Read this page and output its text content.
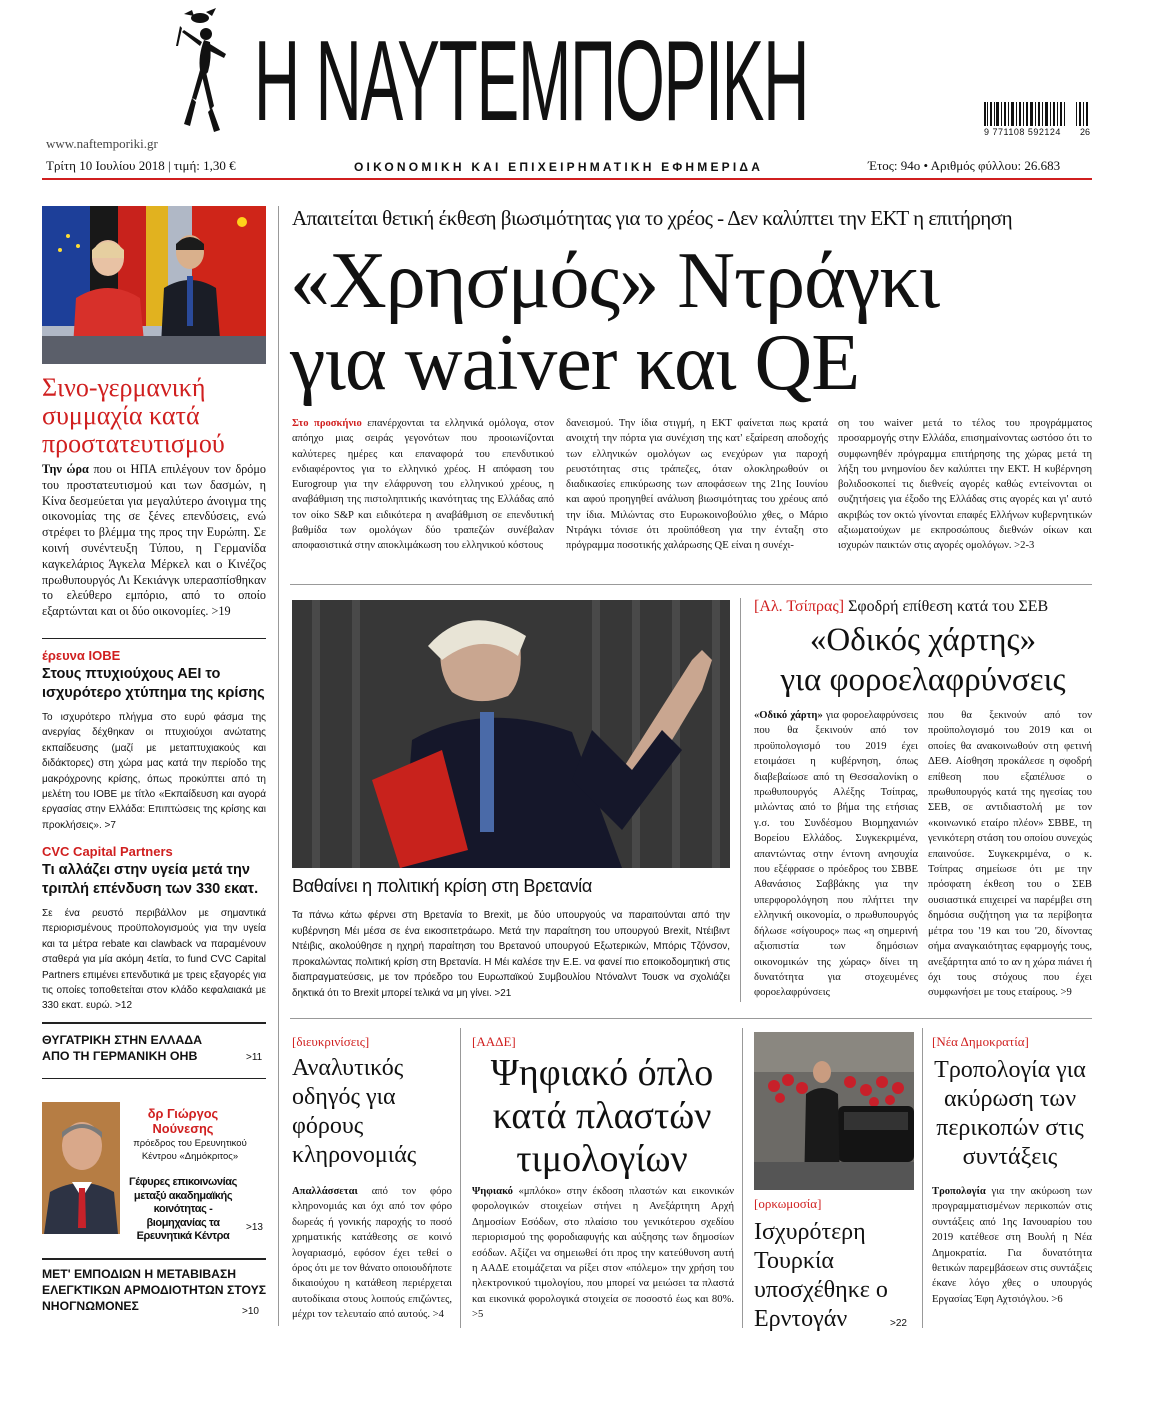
www.naftemporiki.gr Η ΝΑΥΤΕΜΠΟΡΙΚΗ	9 771108 592124 26
Τρίτη 10 Ιουλίου 2018 | τιμή: 1,30 €	ΟΙΚΟΝΟΜΙΚΗ ΚΑΙ ΕΠΙΧΕΙΡΗΜΑΤΙΚΗ ΕΦΗΜΕΡΙΔΑ	Έτος: 94ο • Αριθμός φύλλου: 26.683
Σινο-γερμανική συμμαχία κατά προστατευτισμού
Την ώρα που οι ΗΠΑ επιλέγουν τον δρόμο του προστατευτισμού και των δασμών, η Κίνα δεσμεύεται για μεγαλύτερο άνοιγμα της οικονομίας της σε ξένες επενδύσεις, ενώ στρέφει το βλέμμα της προς την Ευρώπη. Σε κοινή συνέντευξη Τύπου, η Γερμανίδα καγκελάριος Άγκελα Μέρκελ και ο Κινέζος πρωθυπουργός Λι Κεκιάνγκ υπερασπίσθηκαν το ελεύθερο εμπόριο, από το οποίο εξαρτώνται και οι δύο οικονομίες. >19
έρευνα ΙΟΒΕ
Στους πτυχιούχους ΑΕΙ το ισχυρότερο χτύπημα της κρίσης
Το ισχυρότερο πλήγμα στο ευρύ φάσμα της ανεργίας δέχθηκαν οι πτυχιούχοι ανώτατης εκπαίδευσης (μαζί με μεταπτυχιακούς και διδάκτορες) στη χώρα μας κατά την περίοδο της μακρόχρονης κρίσης, όπως προκύπτει από τη μελέτη του ΙΟΒΕ με τίτλο «Εκπαίδευση και αγορά εργασίας στην Ελλάδα: Επιπτώσεις της κρίσης και προκλήσεις». >7
CVC Capital Partners
Τι αλλάζει στην υγεία μετά την τριπλή επένδυση των 330 εκατ.
Σε ένα ρευστό περιβάλλον με σημαντικά περιορισμένους προϋπολογισμούς για την υγεία και τα μέτρα rebate και clawback να παραμένουν σταθερά για μία ακόμη 4ετία, το fund CVC Capital Partners επιμένει επενδυτικά με τρεις εξαγορές για τις οποίες τοποθετείται στον κλάδο κεφαλαιακά με 330 εκατ. ευρώ. >12
ΘΥΓΑΤΡΙΚΗ ΣΤΗΝ ΕΛΛΑΔΑ ΑΠΟ ΤΗ ΓΕΡΜΑΝΙΚΗ ΟΗΒ	>11
δρ Γιώργος Νούνεσης
πρόεδρος του Ερευνητικού Κέντρου «Δημόκριτος»
Γέφυρες επικοινωνίας μεταξύ ακαδημαϊκής κοινότητας - βιομηχανίας τα Ερευνητικά Κέντρα
>13
ΜΕΤ' ΕΜΠΟΔΙΩΝ Η ΜΕΤΑΒΙΒΑΣΗ ΕΛΕΓΚΤΙΚΩΝ ΑΡΜΟΔΙΟΤΗΤΩΝ ΣΤΟΥΣ ΝΗΟΓΝΩΜΟΝΕΣ	>10
Απαιτείται θετική έκθεση βιωσιμότητας για το χρέος - Δεν καλύπτει την ΕΚΤ η επιτήρηση
«Χρησμός» Ντράγκι
για waiver και QE

Στο προσκήνιο επανέρχονται τα ελληνικά ομόλογα, στον απόηχο μιας σειράς γεγονότων που προοιωνίζονται καλύτερες ημέρες και επαναφορά του επενδυτικού ενδιαφέροντος για το ελληνικό χρέος. Η απόφαση του Eurogroup για την ελάφρυνση του ελληνικού χρέους, η αναβάθμιση της πιστοληπτικής ικανότητας της Ελλάδας από τον οίκο S&P και ειδικότερα η αναβάθμιση σε επενδυτική βαθμίδα των ομολόγων δύο τραπεζών συνέβαλαν αποφασιστικά στην αποκλιμάκωση του ελληνικού κόστους

δανεισμού. Την ίδια στιγμή, η ΕΚΤ φαίνεται πως κρατά ανοιχτή την πόρτα για συνέχιση της κατ' εξαίρεση αποδοχής των ελληνικών ομολόγων ως ενεχύρων για παροχή ρευστότητας στις τράπεζες, όταν ολοκληρωθούν οι διαδικασίες επικύρωσης των αποφάσεων της 21ης Ιουνίου και αφού προηγηθεί ανάλυση βιωσιμότητας του χρέους από την ίδια. Μιλώντας στο Ευρωκοινοβούλιο χθες, ο Μάριο Ντράγκι τόνισε ότι προϋπόθεση για την ένταξη στο πρόγραμμα ποσοτικής χαλάρωσης QE είναι η συνέχι-

ση του waiver μετά το τέλος του προγράμματος προσαρμογής στην Ελλάδα, επισημαίνοντας ωστόσο ότι το συμφωνηθέν πρόγραμμα επιτήρησης της χώρας μετά τη λήξη του μνημονίου δεν καλύπτει την ΕΚΤ. Η κυβέρνηση βολιδοσκοπεί τις διεθνείς αγορές καθώς εντείνονται οι συζητήσεις για έξοδο της Ελλάδας στις αγορές και γι' αυτό ακριβώς τον οκτώ γίνονται επαφές Ελλήνων κυβερνητικών αξιωματούχων με εκπροσώπους διεθνών οίκων και ισχυρών παικτών στις αγορές ομολόγων. >2-3

Βαθαίνει η πολιτική κρίση στη Βρετανία
Τα πάνω κάτω φέρνει στη Βρετανία το Brexit, με δύο υπουργούς να παραιτούνται από την κυβέρνηση Μέι μέσα σε ένα εικοσιτετράωρο. Μετά την παραίτηση του υπουργού Brexit, Ντέιβιντ Ντέιβις, ακολούθησε η ηχηρή παραίτηση του Βρετανού υπουργού Εξωτερικών, Μπόρις Τζόνσον, προκαλώντας πολιτική κρίση στη Βρετανία. Η Μέι καλέσε την Ε.Ε. να φανεί πιο εποικοδομητική στις διαπραγματεύσεις, με τον πρόεδρο του Ευρωπαϊκού Συμβουλίου Ντόναλντ Τουσκ να σχολιάζει δηκτικά ότι το Brexit μπορεί τελικά να μη γίνει. >21
[Αλ. Τσίπρας] Σφοδρή επίθεση κατά του ΣΕΒ
«Οδικός χάρτης»
για φοροελαφρύνσεις

«Οδικό χάρτη» για φοροελαφρύνσεις που θα ξεκινούν από τον προϋπολογισμό του 2019 έχει ετοιμάσει η κυβέρνηση, όπως διαβεβαίωσε από τη Θεσσαλονίκη ο πρωθυπουργός Αλέξης Τσίπρας, μιλώντας από το βήμα της ετήσιας γ.σ. του Συνδέσμου Βιομηχανιών Βορείου Ελλάδος. Συγκεκριμένα, απαντώντας στην έντονη ανησυχία που εξέφρασε ο πρόεδρος του ΣΒΒΕ Αθανάσιος Σαββάκης για την υπερφορολόγηση που πλήττει την ελληνική οικονομία, ο πρωθυπουργός δήλωσε «σίγουρος» πως «η σημερινή αξιοπιστία των δημόσιων οικονομικών της χώρας» δίνει τη δυνατότητα για στοχευμένες φοροελαφρύνσεις

που θα ξεκινούν από τον προϋπολογισμό του 2019 και οι οποίες θα ανακοινωθούν στη φετινή ΔΕΘ. Αίσθηση προκάλεσε η σφοδρή επίθεση που εξαπέλυσε ο πρωθυπουργός κατά της ηγεσίας του ΣΕΒ, σε αντιδιαστολή με τον «κοινωνικό εταίρο πλέον» ΣΒΒΕ, τη γενικότερη στάση του οποίου συνεχώς επαινούσε. Συγκεκριμένα, ο κ. Τσίπρας σημείωσε ότι με την πρόσφατη έκθεση του ο ΣΕΒ ουσιαστικά επιχειρεί να παρέμβει στη δημόσια συζήτηση για τα περίβοητα μέτρα του '19 και του '20, δίνοντας σήμα αναγκαιότητας εφαρμογής τους, ανεξάρτητα από το αν η χώρα πιάνει ή όχι τους στόχους που έχει συμφωνήσει με τους εταίρους. >9

[διευκρινίσεις]
Αναλυτικός οδηγός για φόρους κληρονομιάς

Απαλλάσσεται από τον φόρο κληρονομιάς και όχι από τον φόρο δωρεάς ή γονικής παροχής το ποσό χρηματικής κατάθεσης σε κοινό λογαριασμό, εφόσον έχει τεθεί ο όρος ότι με τον θάνατο οποιουδήποτε δικαιούχου η κατάθεση περιέρχεται αυτοδίκαια στους λοιπούς επιζώντες, μέχρι τον τελευταίο από αυτούς. >4

[ΑΑΔΕ]
Ψηφιακό όπλο κατά πλαστών τιμολογίων

Ψηφιακό «μπλόκο» στην έκδοση πλαστών και εικονικών φορολογικών στοιχείων στήνει η Ανεξάρτητη Αρχή Δημοσίων Εσόδων, στο πλαίσιο του γενικότερου σχεδίου περιορισμού της φοροδιαφυγής και αύξησης των δημοσίων εσόδων. Αξίζει να σημειωθεί ότι προς την κατεύθυνση αυτή η ΑΑΔΕ ετοιμάζεται να ρίξει στον «πόλεμο» την χρήση του ηλεκτρονικού τιμολογίου, που μπορεί να μειώσει τα πλαστά και εικονικά φορολογικά στοιχεία σε ποσοστό έως και 80%. >5

[ορκωμοσία]
Ισχυρότερη Τουρκία υποσχέθηκε ο Ερντογάν	>22
[Νέα Δημοκρατία]
Τροπολογία για ακύρωση των περικοπών στις συντάξεις

Τροπολογία για την ακύρωση των προγραμματισμένων περικοπών στις συντάξεις από 1ης Ιανουαρίου του 2019 κατέθεσε στη Βουλή η Νέα Δημοκρατία. Για δυνατότητα θετικών παρεμβάσεων στις συντάξεις έκανε λόγο χθες ο υπουργός Εργασίας Έφη Αχτσιόγλου. >6
